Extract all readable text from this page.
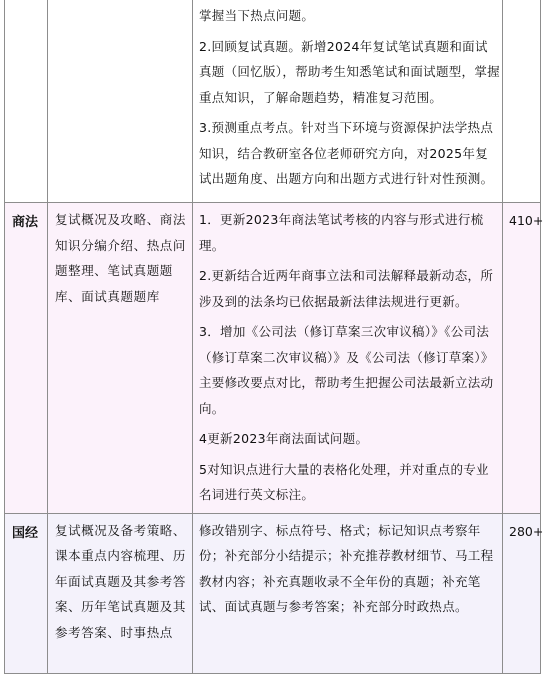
		掌握当下热点问题。
2.回顾复试真题。新增2024年复试笔试真题和面试真题（回忆版），帮助考生知悉笔试和面试题型，掌握重点知识，了解命题趋势，精准复习范围。
3.预测重点考点。针对当下环境与资源保护法学热点知识，结合教研室各位老师研究方向，对2025年复试出题角度、出题方向和出题方式进行针对性预测。	

商法	复试概况及攻略、商法知识分编介绍、热点问题整理、笔试真题题库、面试真题题库	1．更新2023年商法笔试考核的内容与形式进行梳理。
2.更新结合近两年商事立法和司法解释最新动态，所涉及到的法条均已依据最新法律法规进行更新。
3．增加《公司法（修订草案三次审议稿）》《公司法（修订草案二次审议稿）》及《公司法（修订草案）》主要修改要点对比，帮助考生把握公司法最新立法动向。
4更新2023年商法面试问题。
5对知识点进行大量的表格化处理，并对重点的专业名词进行英文标注。	410+

国经	复试概况及备考策略、课本重点内容梳理、历年面试真题及其参考答案、历年笔试真题及其参考答案、时事热点	修改错别字、标点符号、格式；标记知识点考察年份；补充部分小结提示；补充推荐教材细节、马工程教材内容；补充真题收录不全年份的真题；补充笔试、面试真题与参考答案；补充部分时政热点。	280+
